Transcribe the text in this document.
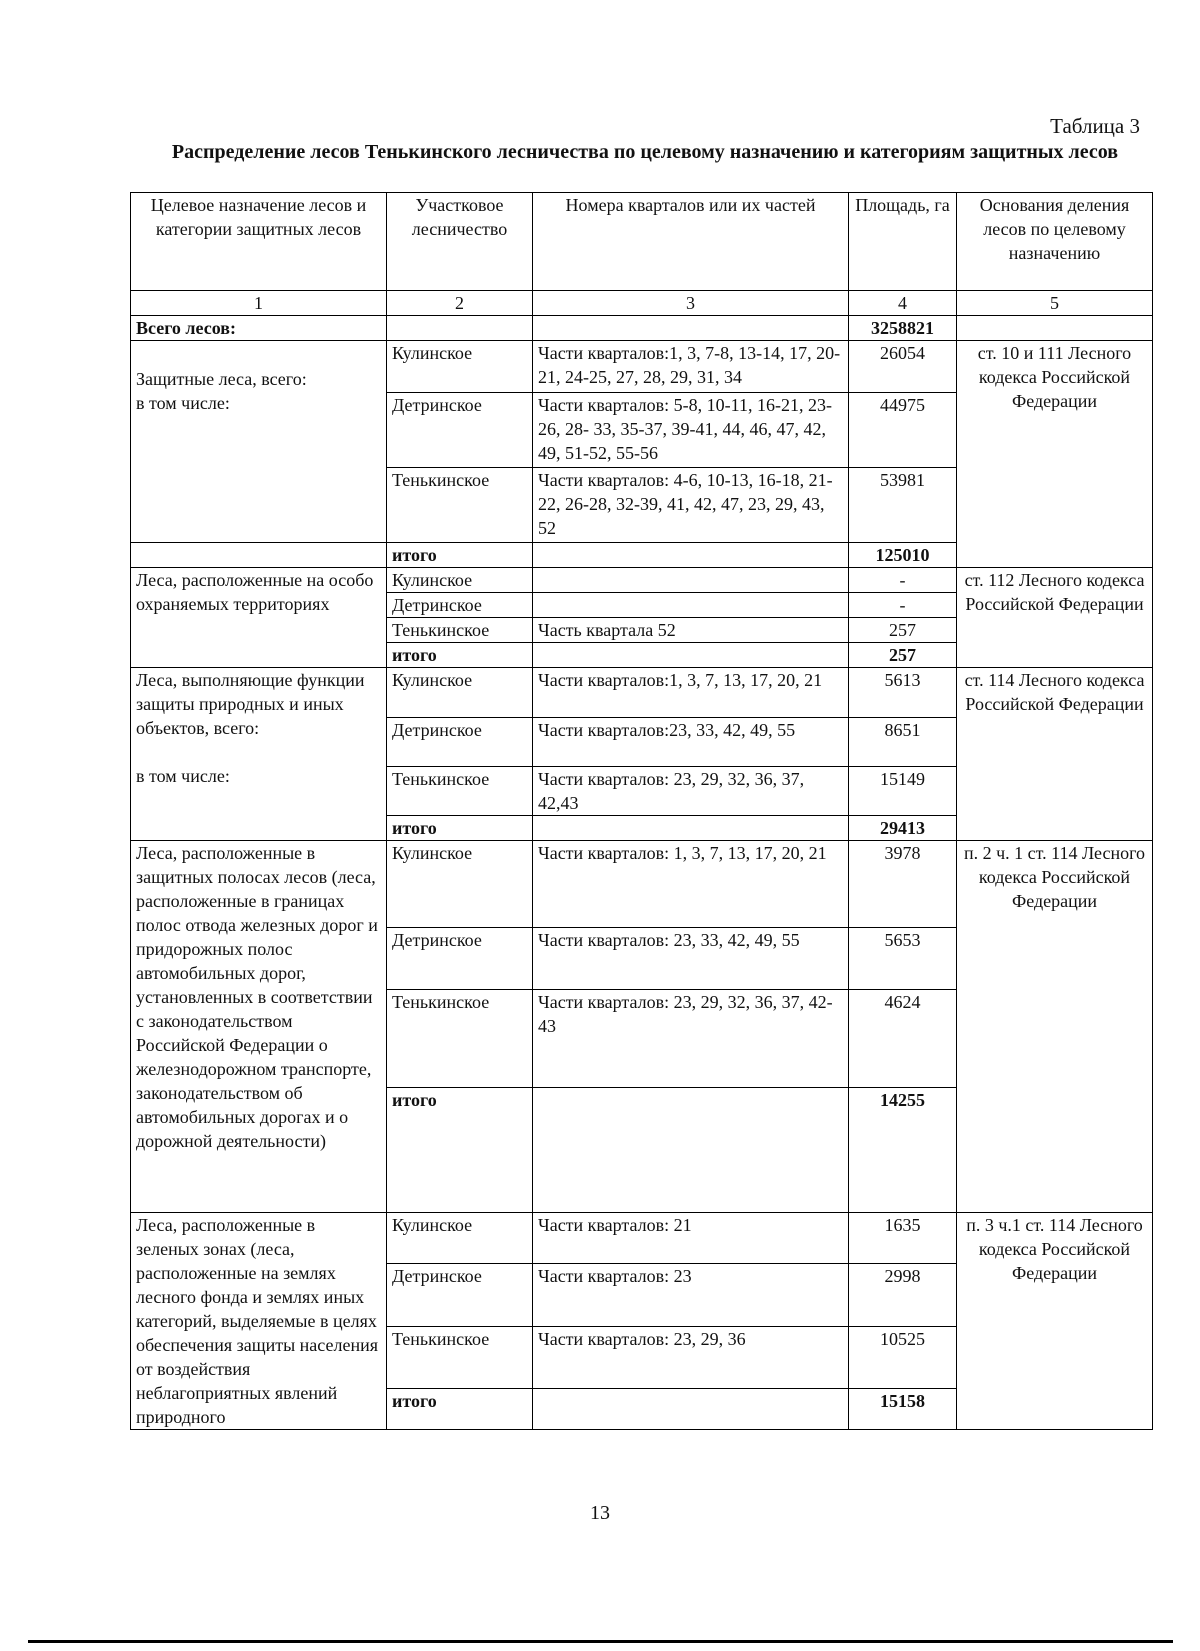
Таблица 3
Распределение лесов Тенькинского лесничества по целевому назначению и категориям защитных лесов
Целевое назначение лесов и категории защитных лесов	Участковое лесничество	Номера кварталов или их частей	Площадь, га	Основания деления лесов по целевому назначению
1	2	3	4	5
Всего лесов:			3258821	

Защитные леса, всего:
в том числе:	Кулинское	Части кварталов:1, 3, 7-8, 13-14, 17, 20-21, 24-25, 27, 28, 29, 31, 34	26054	ст. 10 и 111 Лесного кодекса Российской Федерации
	Детринское	Части кварталов: 5-8, 10-11, 16-21, 23-26, 28- 33, 35-37, 39-41, 44, 46, 47, 42, 49, 51-52, 55-56	44975	
	Тенькинское	Части кварталов: 4-6, 10-13, 16-18, 21-22, 26-28, 32-39, 41, 42, 47, 23, 29, 43, 52	53981	
	итого		125010	
Леса, расположенные на особо охраняемых территориях	Кулинское		-	ст. 112 Лесного кодекса Российской Федерации
	Детринское		-	
	Тенькинское	Часть квартала 52	257	
	итого		257	

Леса, выполняющие функции защиты природных и иных объектов, всего:
в том числе:	Кулинское	Части кварталов:1, 3, 7, 13, 17, 20, 21	5613	ст. 114 Лесного кодекса Российской Федерации
	Детринское	Части кварталов:23, 33, 42, 49, 55	8651	
	Тенькинское	Части кварталов: 23, 29, 32, 36, 37, 42,43	15149	
	итого		29413	
Леса, расположенные в защитных полосах лесов (леса, расположенные в границах полос отвода железных дорог и придорожных полос автомобильных дорог, установленных в соответствии с законодательством Российской Федерации о железнодорожном транспорте, законодательством об автомобильных дорогах и о дорожной деятельности)	Кулинское	Части кварталов: 1, 3, 7, 13, 17, 20, 21	3978	п. 2 ч. 1 ст. 114 Лесного кодекса Российской Федерации
	Детринское	Части кварталов: 23, 33, 42, 49, 55	5653	
	Тенькинское	Части кварталов: 23, 29, 32, 36, 37, 42-43	4624	
	итого		14255	
Леса, расположенные в зеленых зонах (леса, расположенные на землях лесного фонда и землях иных категорий, выделяемые в целях обеспечения защиты населения от воздействия неблагоприятных явлений природного	Кулинское	Части кварталов: 21	1635	п. 3 ч.1 ст. 114 Лесного кодекса Российской Федерации
	Детринское	Части кварталов: 23	2998	
	Тенькинское	Части кварталов: 23, 29, 36	10525	
	итого		15158	
13
